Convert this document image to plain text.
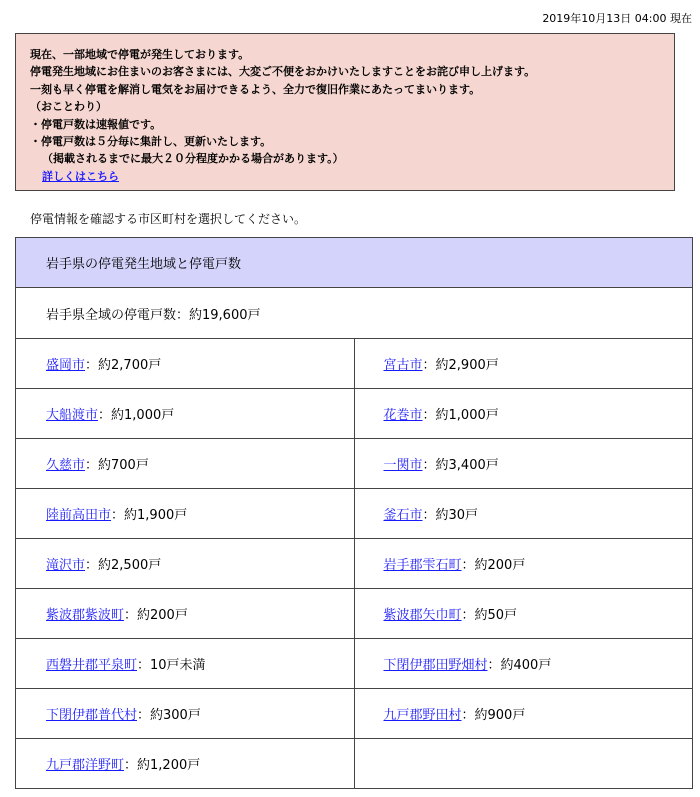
2019年10月13日 04:00 現在
現在、一部地域で停電が発生しております。
停電発生地域にお住まいのお客さまには、大変ご不便をおかけいたしますことをお詫び申し上げます。
一刻も早く停電を解消し電気をお届けできるよう、全力で復旧作業にあたってまいります。
（おことわり）
・停電戸数は速報値です。
・停電戸数は５分毎に集計し、更新いたします。
（掲載されるまでに最大２０分程度かかる場合があります。）
詳しくはこちら
停電情報を確認する市区町村を選択してください。
岩手県の停電発生地域と停電戸数	
岩手県全域の停電戸数：約19,600戸	
盛岡市：約2,700戸	宮古市：約2,900戸
大船渡市：約1,000戸	花巻市：約1,000戸
久慈市：約700戸	一関市：約3,400戸
陸前高田市：約1,900戸	釜石市：約30戸
滝沢市：約2,500戸	岩手郡雫石町：約200戸
紫波郡紫波町：約200戸	紫波郡矢巾町：約50戸
西磐井郡平泉町：10戸未満	下閉伊郡田野畑村：約400戸
下閉伊郡普代村：約300戸	九戸郡野田村：約900戸
九戸郡洋野町：約1,200戸	
